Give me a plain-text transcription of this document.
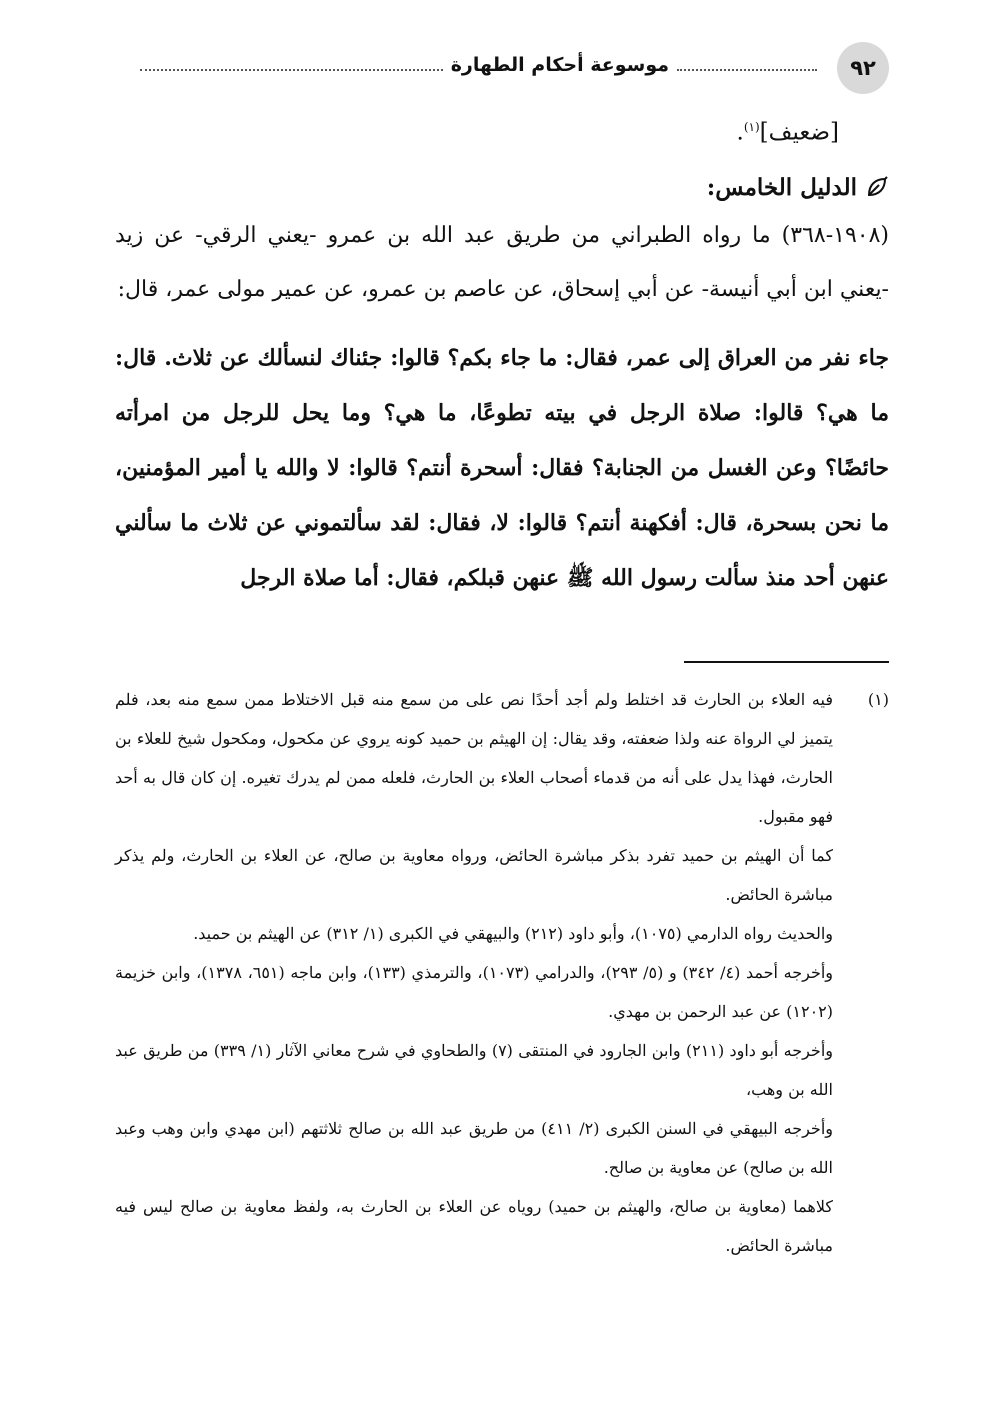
٩٢
موسوعة أحكام الطهارة

[ضعيف]$^{(١)}$.

الدليل الخامس:

(١٩٠٨-٣٦٨) ما رواه الطبراني من طريق عبد الله بن عمرو -يعني الرقي- عن زيد -يعني ابن أبي أنيسة- عن أبي إسحاق، عن عاصم بن عمرو، عن عمير مولى عمر، قال:

جاء نفر من العراق إلى عمر، فقال: ما جاء بكم؟ قالوا: جئناك لنسألك عن ثلاث. قال: ما هي؟ قالوا: صلاة الرجل في بيته تطوعًا، ما هي؟ وما يحل للرجل من امرأته حائضًا؟ وعن الغسل من الجنابة؟ فقال: أسحرة أنتم؟ قالوا: لا والله يا أمير المؤمنين، ما نحن بسحرة، قال: أفكهنة أنتم؟ قالوا: لا، فقال: لقد سألتموني عن ثلاث ما سألني عنهن أحد منذ سألت رسول الله ﷺ عنهن قبلكم، فقال: أما صلاة الرجل

(١)

فيه العلاء بن الحارث قد اختلط ولم أجد أحدًا نص على من سمع منه قبل الاختلاط ممن سمع منه بعد، فلم يتميز لي الرواة عنه ولذا ضعفته، وقد يقال: إن الهيثم بن حميد كونه يروي عن مكحول، ومكحول شيخ للعلاء بن الحارث، فهذا يدل على أنه من قدماء أصحاب العلاء بن الحارث، فلعله ممن لم يدرك تغيره. إن كان قال به أحد فهو مقبول.

كما أن الهيثم بن حميد تفرد بذكر مباشرة الحائض، ورواه معاوية بن صالح، عن العلاء بن الحارث، ولم يذكر مباشرة الحائض.

والحديث رواه الدارمي (١٠٧٥)، وأبو داود (٢١٢) والبيهقي في الكبرى (١/ ٣١٢) عن الهيثم بن حميد.

وأخرجه أحمد (٤/ ٣٤٢) و (٥/ ٢٩٣)، والدرامي (١٠٧٣)، والترمذي (١٣٣)، وابن ماجه (٦٥١، ١٣٧٨)، وابن خزيمة (١٢٠٢) عن عبد الرحمن بن مهدي.

وأخرجه أبو داود (٢١١) وابن الجارود في المنتقى (٧) والطحاوي في شرح معاني الآثار (١/ ٣٣٩) من طريق عبد الله بن وهب،

وأخرجه البيهقي في السنن الكبرى (٢/ ٤١١) من طريق عبد الله بن صالح ثلاثتهم (ابن مهدي وابن وهب وعبد الله بن صالح) عن معاوية بن صالح.

كلاهما (معاوية بن صالح، والهيثم بن حميد) روياه عن العلاء بن الحارث به، ولفظ معاوية بن صالح ليس فيه مباشرة الحائض.
